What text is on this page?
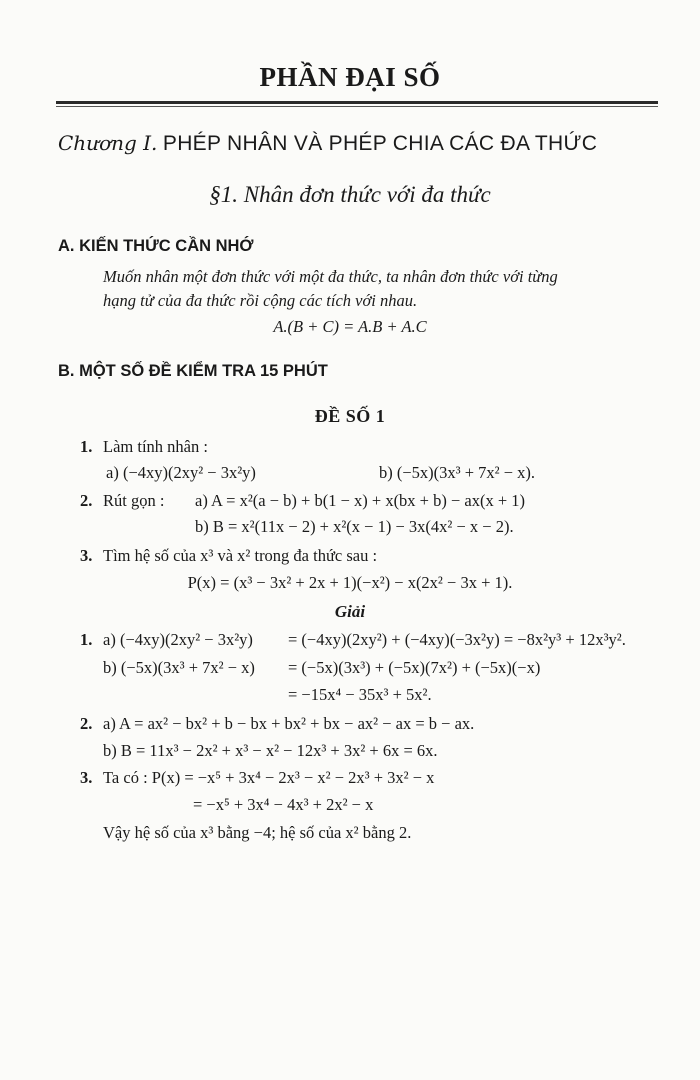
PHẦN ĐẠI SỐ
Chương I. PHÉP NHÂN VÀ PHÉP CHIA CÁC ĐA THỨC
§1. Nhân đơn thức với đa thức
A. KIẾN THỨC CẦN NHỚ
Muốn nhân một đơn thức với một đa thức, ta nhân đơn thức với từng
hạng tử của đa thức rồi cộng các tích với nhau.
A.(B + C) = A.B + A.C
B. MỘT SỐ ĐỀ KIỂM TRA 15 PHÚT
ĐỀ SỐ 1
1. Làm tính nhân :
a) (−4xy)(2xy² − 3x²y)	b) (−5x)(3x³ + 7x² − x).
2. Rút gọn : a) A = x²(a − b) + b(1 − x) + x(bx + b) − ax(x + 1)
b) B = x²(11x − 2) + x²(x − 1) − 3x(4x² − x − 2).
3. Tìm hệ số của x³ và x² trong đa thức sau :
P(x) = (x³ − 3x² + 2x + 1)(−x²) − x(2x² − 3x + 1).
Giải
1. a) (−4xy)(2xy² − 3x²y) = (−4xy)(2xy²) + (−4xy)(−3x²y) = −8x²y³ + 12x³y².
b) (−5x)(3x³ + 7x² − x) = (−5x)(3x³) + (−5x)(7x²) + (−5x)(−x)
= −15x⁴ − 35x³ + 5x².
2. a) A = ax² − bx² + b − bx + bx² + bx − ax² − ax = b − ax.
b) B = 11x³ − 2x² + x³ − x² − 12x³ + 3x² + 6x = 6x.
3. Ta có : P(x) = −x⁵ + 3x⁴ − 2x³ − x² − 2x³ + 3x² − x
= −x⁵ + 3x⁴ − 4x³ + 2x² − x
Vậy hệ số của x³ bằng −4; hệ số của x² bằng 2.
